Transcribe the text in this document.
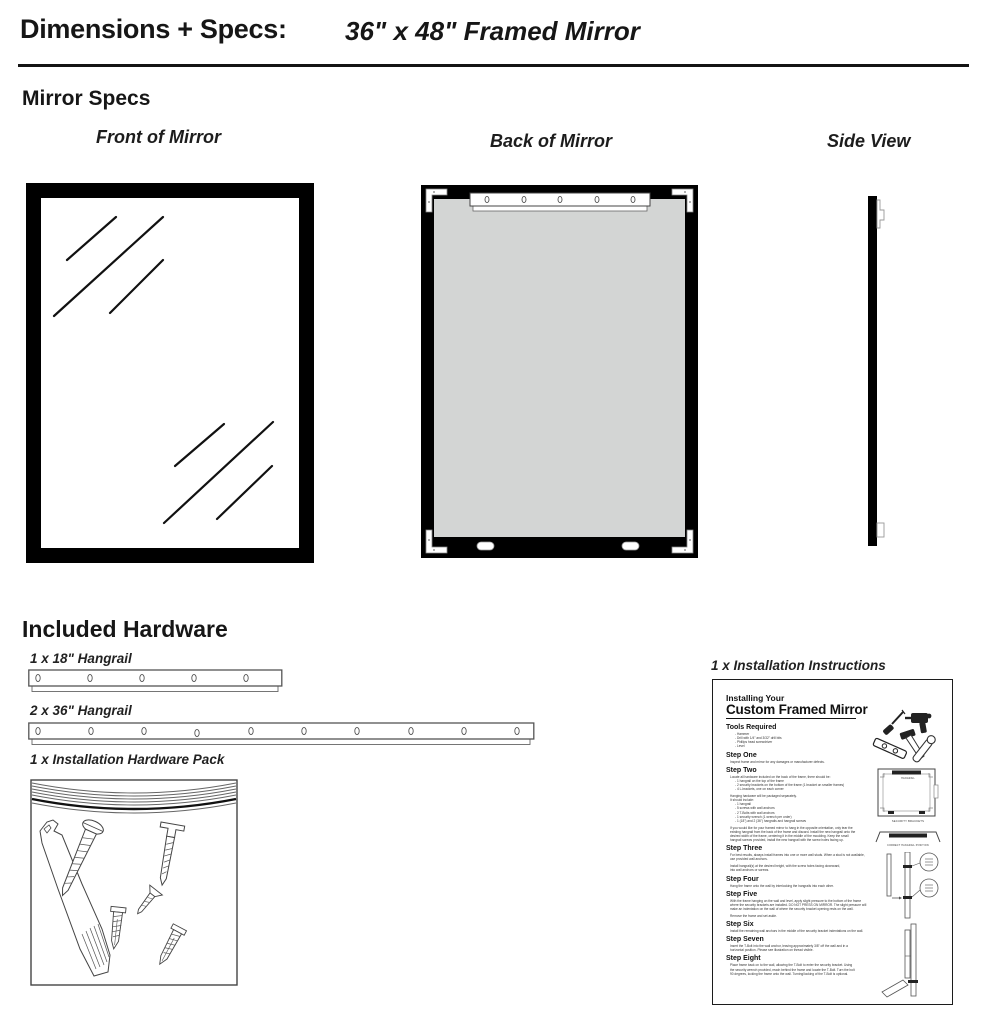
Dimensions + Specs: 36" x 48" Framed Mirror
Mirror Specs
Front of Mirror	Back of Mirror	Side View
Included Hardware
1 x 18" Hangrail
2 x 36" Hangrail
1 x Installation Hardware Pack
1 x Installation Instructions
Installing Your
Custom Framed Mirror
Tools Required
- Hammer
- Drill with 1/4" and 3/32" drill bits
- Phillips head screwdriver
- Level
Step One
Inspect frame and mirror for any damages or manufacturer defects.
Step Two
Locate all hardware included on the back of the frame, there should be:
- 1 hangrail on the top of the frame
- 2 security brackets on the bottom of the frame (1 bracket on smaller frames)
- 4 L-brackets, one on each corner
Hanging hardware will be packaged separately.
It should include:
- 1 hangrail
- 5 screws with wall anchors
- 2 T-Bolts with wall anchors
- 1 security wrench (1 wrench per order)
- 1 (18") and 2 (36") hangrails and hangrail screws
If you would like for your framed mirror to hang in the opposite orientation, only tear the
existing hangrail from the back of the frame and discard. Install the new hangrail onto the
desired width of the frame, centering it in the middle of the moulding. Keep the small
hangrail screws provided, install the new hangrail with the screw holes facing up.
Step Three
For best results, always install frames into one or more wall studs. When a stud is not available,
use provided wall anchors.
Install hangrail(s) at the desired height, with the screw holes facing downward,
into wall anchors or screws.
Step Four
Hang the frame onto the wall by interlocking the hangrails into each other.
Step Five
With the frame hanging on the wall and level, apply slight pressure to the bottom of the frame
where the security brackets are installed. DO NOT PRESS ON MIRROR. The slight pressure will
make an indentation on the wall of where the security bracket opening rests on the wall.
Remove the frame and set aside.
Step Six
Install the remaining wall anchors in the middle of the security bracket indentations on the wall.
Step Seven
Insert the T-Bolt into the wall anchor, leaving approximately 3/8" off the wall and in a
horizontal position. Please see illustration on thread visible.
Step Eight
Place frame back on to the wall, allowing the T-Bolt to enter the security bracket. Using
the security wrench provided, reach behind the frame and locate the T-Bolt. Turn the bolt
90 degrees, locking the frame onto the wall. Turning/locking of the T-Bolt is optional.
HANGRAIL
SECURITY BRACKETS
CORRECT HANGRAIL POSITION
